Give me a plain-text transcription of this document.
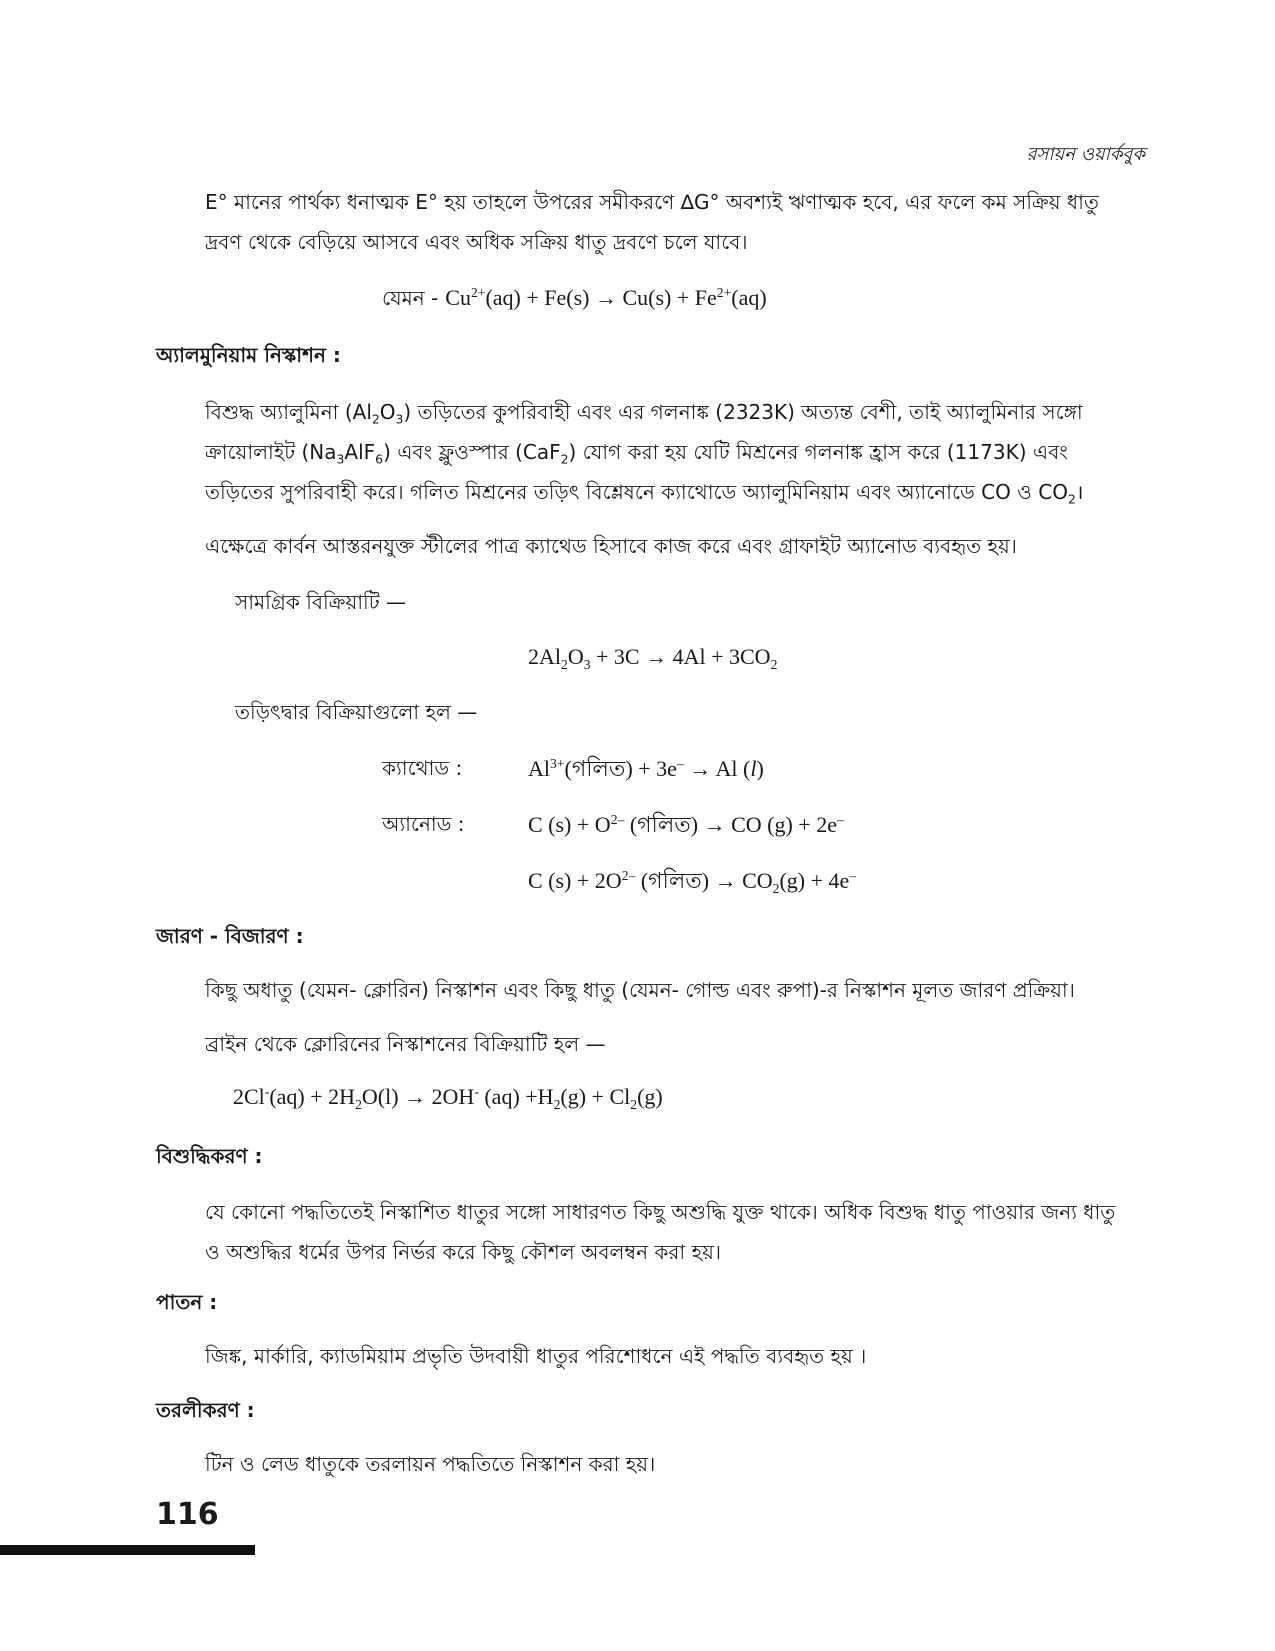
রসায়ন ওয়ার্কবুক
E° মানের পার্থক্য ধনাত্মক E° হয় তাহলে উপরের সমীকরণে ∆G° অবশ্যই ঋণাত্মক হবে, এর ফলে কম সক্রিয় ধাতু
দ্রবণ থেকে বেড়িয়ে আসবে এবং অধিক সক্রিয় ধাতু দ্রবণে চলে যাবে।
যেমন - $Cu^{2+}(aq) + Fe(s) \to Cu(s) + Fe^{2+}(aq)$
অ্যালমুনিয়াম নিস্কাশন :
বিশুদ্ধ অ্যালুমিনা $(Al_2O_3)$ তড়িতের কুপরিবাহী এবং এর গলনাঙ্ক (2323K) অত্যন্ত বেশী, তাই অ্যালুমিনার সঙ্গো
ক্রায়োলাইট $(Na_3AlF_6)$ এবং ফ্লুওস্পার (CaF$_2$) যোগ করা হয় যেটি মিশ্রনের গলনাঙ্ক হ্রাস করে (1173K) এবং
তড়িতের সুপরিবাহী করে। গলিত মিশ্রনের তড়িৎ বিশ্লেষনে ক্যাথোডে অ্যালুমিনিয়াম এবং অ্যানোডে CO ও $CO_2।$
এক্ষেত্রে কার্বন আস্তরনযুক্ত স্টীলের পাত্র ক্যাথেড হিসাবে কাজ করে এবং গ্রাফাইট অ্যানোড ব্যবহৃত হয়।
সামগ্রিক বিক্রিয়াটি —
$2Al_2O_3 + 3C \to 4Al + 3CO_2$
তড়িৎদ্বার বিক্রিয়াগুলো হল —
ক্যাথোড :	$Al^{3+}(গলিত) + 3e^- \to Al$ (l)
অ্যানোড :	C $(s) + O^{2-}$ (গলিত) → CO (g) + 2e–
C $(s) + 2O^{2-}$ (গলিত) → $CO_2(g) + 4e^-$
জারণ - বিজারণ :
কিছু অধাতু (যেমন- ক্লোরিন) নিস্কাশন এবং কিছু ধাতু (যেমন- গোল্ড এবং রুপা)-র নিস্কাশন মূলত জারণ প্রক্রিয়া।
ব্রাইন থেকে ক্লোরিনের নিস্কাশনের বিক্রিয়াটি হল —
$2Cl^-(aq) + 2H_2O(l) \to 2OH^-$ $(aq) +H_2(g) + Cl_2(g)$
বিশুদ্ধিকরণ :
যে কোনো পদ্ধতিতেই নিস্কাশিত ধাতুর সঙ্গো সাধারণত কিছু অশুদ্ধি যুক্ত থাকে। অধিক বিশুদ্ধ ধাতু পাওয়ার জন্য ধাতু
ও অশুদ্ধির ধর্মের উপর নির্ভর করে কিছু কৌশল অবলম্বন করা হয়।
পাতন :
জিঙ্ক, মার্কারি, ক্যাডমিয়াম প্রভৃতি উদবায়ী ধাতুর পরিশোধনে এই পদ্ধতি ব্যবহৃত হয় ।
তরলীকরণ :
টিন ও লেড ধাতুকে তরলায়ন পদ্ধতিতে নিস্কাশন করা হয়।
116
